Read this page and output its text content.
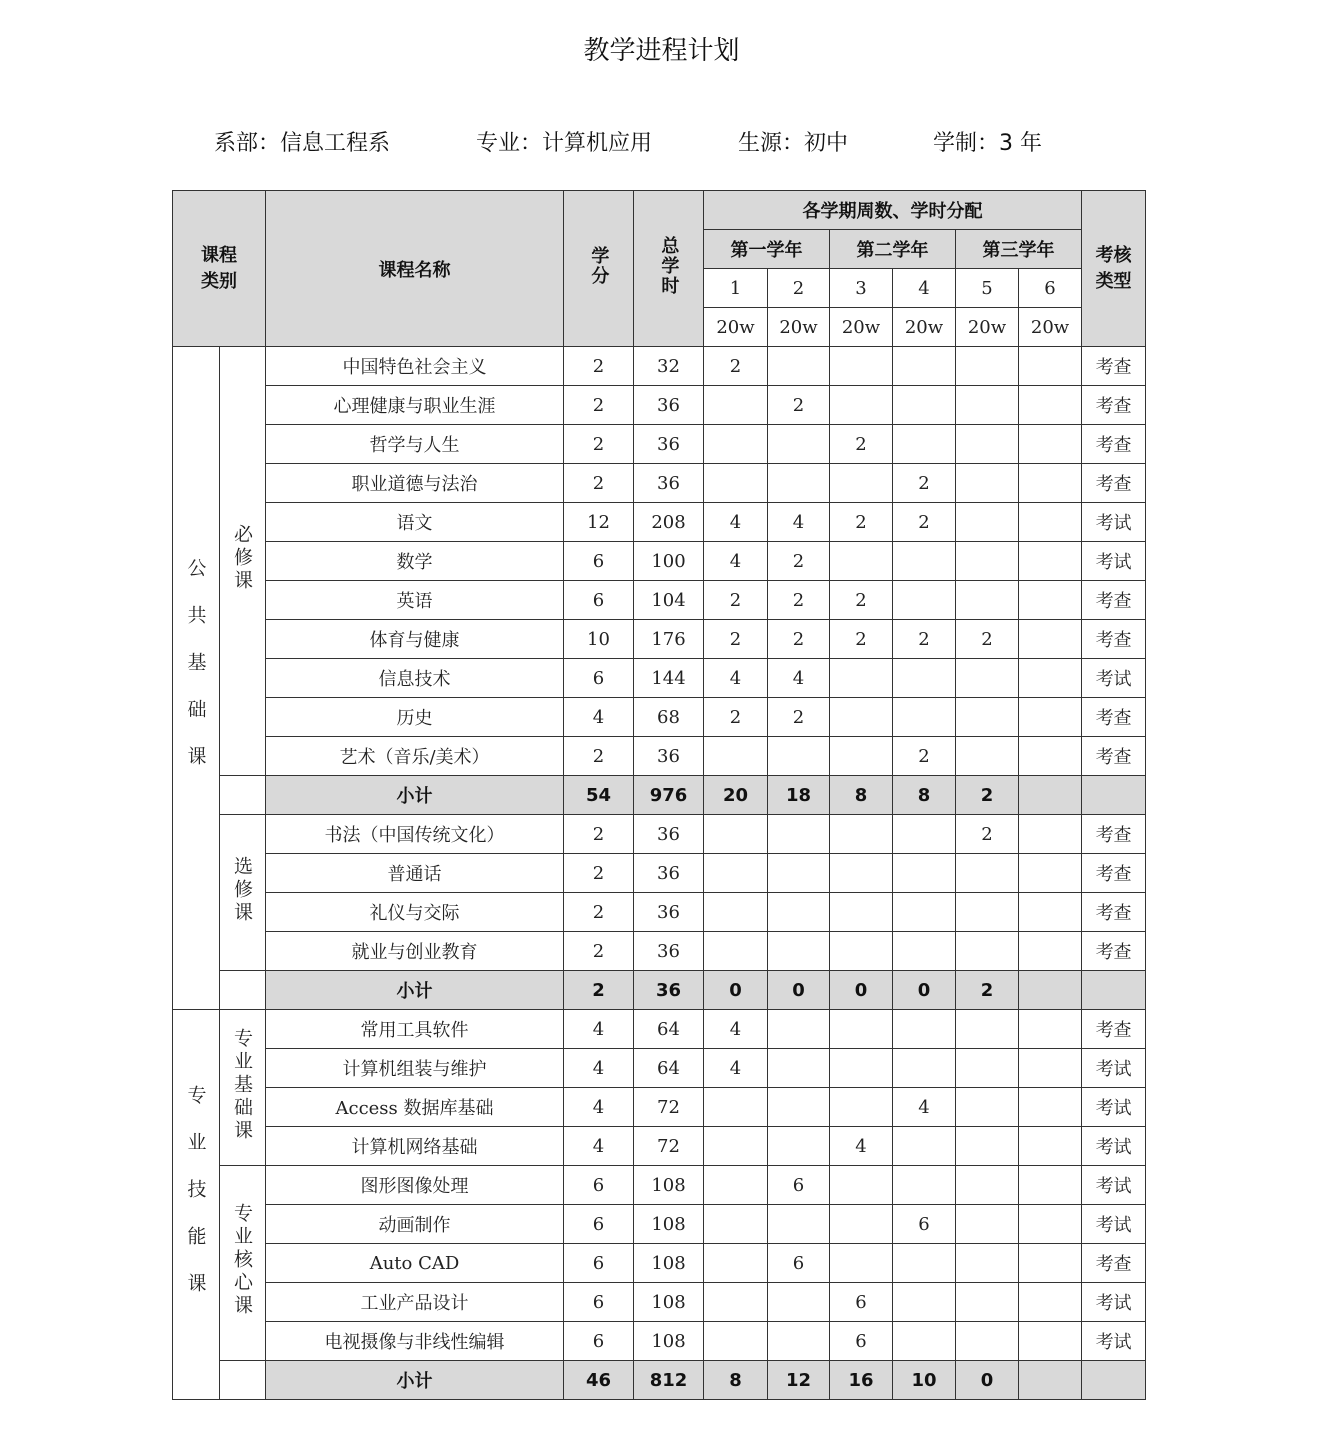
教学进程计划
系部：信息工程系	专业：计算机应用	生源：初中	学制：3 年
课程类别		课程名称	学分	总学时	各学期周数、学时分配						考核类型

					第一学年		第二学年		第三学年		
					1	2	3	4	5	6	
					20w	20w	20w	20w	20w	20w	
公共基础课	必修课	中国特色社会主义	2	32	2						考查
		心理健康与职业生涯	2	36		2					考查
		哲学与人生	2	36			2				考查
		职业道德与法治	2	36				2			考查
		语文	12	208	4	4	2	2			考试
		数学	6	100	4	2					考试
		英语	6	104	2	2	2				考查
		体育与健康	10	176	2	2	2	2	2		考查
		信息技术	6	144	4	4					考试
		历史	4	68	2	2					考查
		艺术（音乐/美术）	2	36				2			考查
		小计	54	976	20	18	8	8	2		
	选修课	书法（中国传统文化）	2	36					2		考查
		普通话	2	36							考查
		礼仪与交际	2	36							考查
		就业与创业教育	2	36							考查
		小计	2	36	0	0	0	0	2		
专业技能课	专业基础课	常用工具软件	4	64	4						考查
		计算机组装与维护	4	64	4						考试
		Access 数据库基础	4	72				4			考试
		计算机网络基础	4	72			4				考试
	专业核心课	图形图像处理	6	108		6					考试
		动画制作	6	108				6			考试
		Auto CAD	6	108		6					考查
		工业产品设计	6	108			6				考试
		电视摄像与非线性编辑	6	108			6				考试
		小计	46	812	8	12	16	10	0		
